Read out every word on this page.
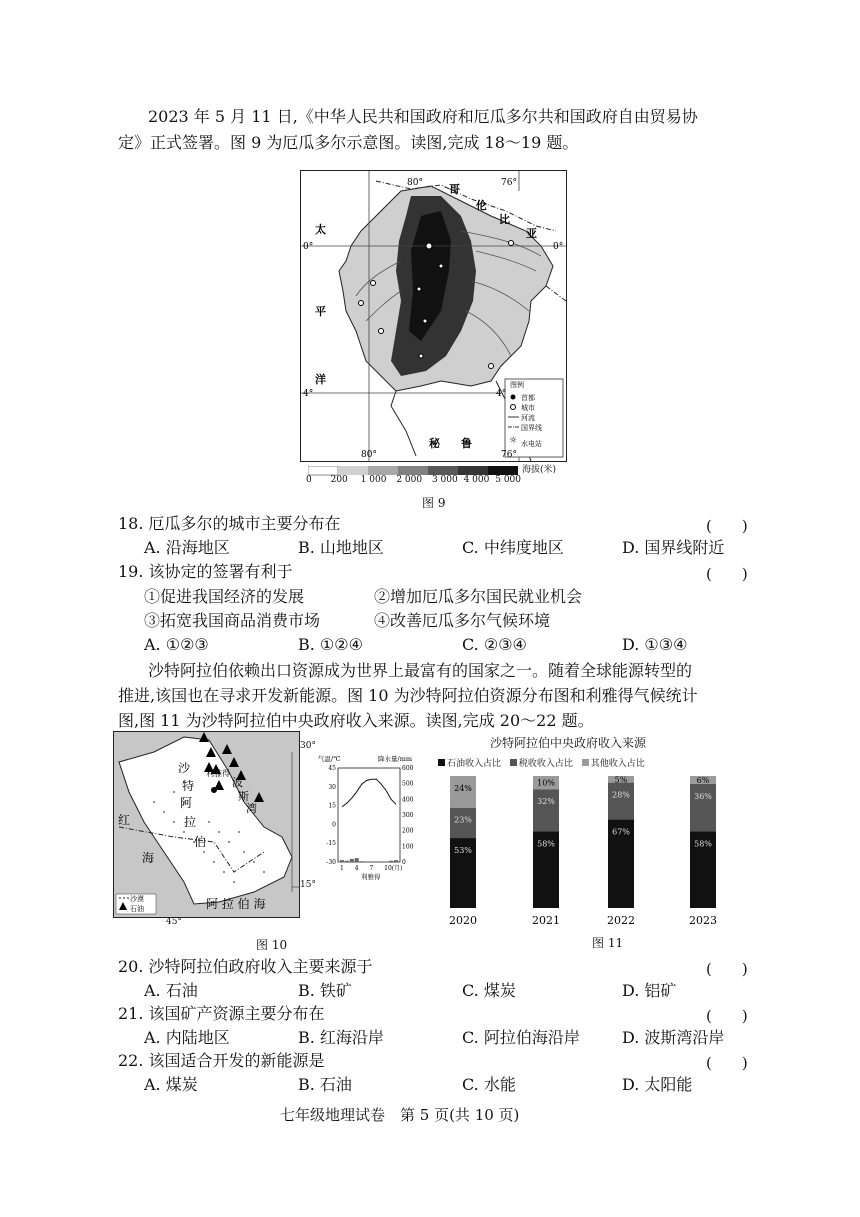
2023 年 5 月 11 日,《中华人民共和国政府和厄瓜多尔共和国政府自由贸易协
定》正式签署。图 9 为厄瓜多尔示意图。读图,完成 18～19 题。
☼
80°	76°
0°	0°
4°	4°
80°	76°
哥
伦
比
亚
太
平
洋
秘 鲁
图例
首都
城市
河流
国界线
水电站
0 200 1 000 2 000 3 000 4 000 5 000
海拔(米)
图 9
18. 厄瓜多尔的城市主要分布在	(　　)
A. 沿海地区	B. 山地地区	C. 中纬度地区	D. 国界线附近
19. 该协定的签署有利于	(　　)
①促进我国经济的发展	②增加厄瓜多尔国民就业机会
③拓宽我国商品消费市场	④改善厄瓜多尔气候环境
A. ①②③	B. ①②④	C. ②③④	D. ①③④
沙特阿拉伯依赖出口资源成为世界上最富有的国家之一。随着全球能源转型的
推进,该国也在寻求开发新能源。图 10 为沙特阿拉伯资源分布图和利雅得气候统计
图,图 11 为沙特阿拉伯中央政府收入来源。读图,完成 20～22 题。
利雅得
沙
特
阿
拉
伯
红
海
波
斯
湾
阿 拉 伯 海
沙漠
石油
30°
15°
45°
气温/℃	降水量/mm
45
30
15
0
-15
-30
600
500
400
300
200
100
0
1 4 7 10(月)
利雅得
沙特阿拉伯中央政府收入来源
石油收入占比 税收收入占比 其他收入占比
53%
23%
24%
2020
58%
32%
10%
2021
67%
28%
5%
2022
58%
36%
6%
2023
图 11
图 10
20. 沙特阿拉伯政府收入主要来源于	(　　)
A. 石油	B. 铁矿	C. 煤炭	D. 铝矿
21. 该国矿产资源主要分布在	(　　)
A. 内陆地区	B. 红海沿岸	C. 阿拉伯海沿岸	D. 波斯湾沿岸
22. 该国适合开发的新能源是	(　　)
A. 煤炭	B. 石油	C. 水能	D. 太阳能
七年级地理试卷　第 5 页(共 10 页)
